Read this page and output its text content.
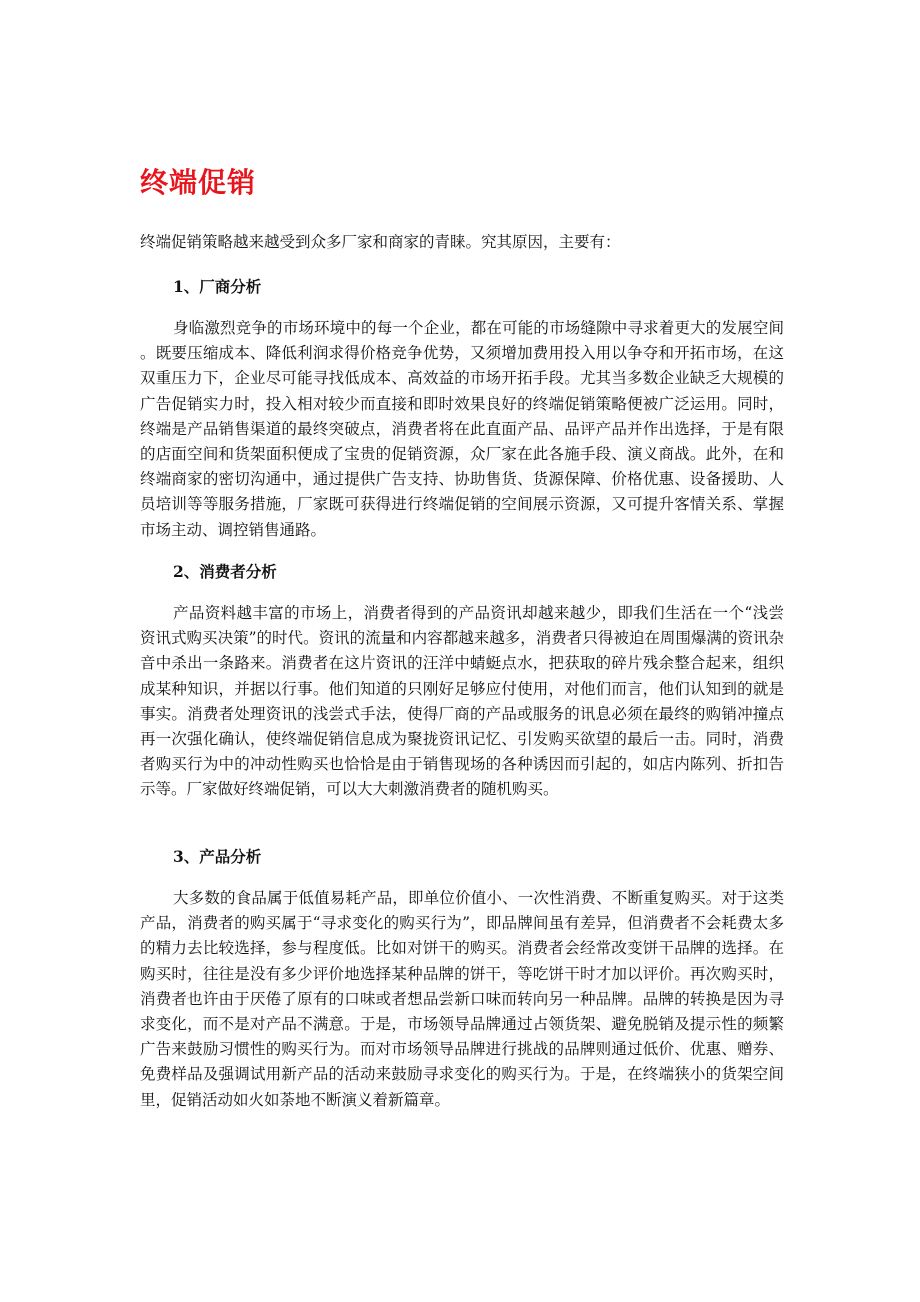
终端促销

终端促销策略越来越受到众多厂家和商家的青睐。究其原因，主要有：

1、厂商分析

身临激烈竞争的市场环境中的每一个企业，都在可能的市场缝隙中寻求着更大的发展空间。既要压缩成本、降低利润求得价格竞争优势，又须增加费用投入用以争夺和开拓市场，在这双重压力下，企业尽可能寻找低成本、高效益的市场开拓手段。尤其当多数企业缺乏大规模的广告促销实力时，投入相对较少而直接和即时效果良好的终端促销策略便被广泛运用。同时，终端是产品销售渠道的最终突破点，消费者将在此直面产品、品评产品并作出选择，于是有限的店面空间和货架面积便成了宝贵的促销资源，众厂家在此各施手段、演义商战。此外，在和终端商家的密切沟通中，通过提供广告支持、协助售货、货源保障、价格优惠、设备援助、人员培训等等服务措施，厂家既可获得进行终端促销的空间展示资源，又可提升客情关系、掌握市场主动、调控销售通路。

2、消费者分析

产品资料越丰富的市场上，消费者得到的产品资讯却越来越少，即我们生活在一个“浅尝资讯式购买决策”的时代。资讯的流量和内容都越来越多，消费者只得被迫在周围爆满的资讯杂音中杀出一条路来。消费者在这片资讯的汪洋中蜻蜓点水，把获取的碎片残余整合起来，组织成某种知识，并据以行事。他们知道的只刚好足够应付使用，对他们而言，他们认知到的就是事实。消费者处理资讯的浅尝式手法，使得厂商的产品或服务的讯息必须在最终的购销冲撞点再一次强化确认，使终端促销信息成为聚拢资讯记忆、引发购买欲望的最后一击。同时，消费者购买行为中的冲动性购买也恰恰是由于销售现场的各种诱因而引起的，如店内陈列、折扣告示等。厂家做好终端促销，可以大大刺激消费者的随机购买。

3、产品分析

大多数的食品属于低值易耗产品，即单位价值小、一次性消费、不断重复购买。对于这类产品，消费者的购买属于“寻求变化的购买行为”，即品牌间虽有差异，但消费者不会耗费太多的精力去比较选择，参与程度低。比如对饼干的购买。消费者会经常改变饼干品牌的选择。在购买时，往往是没有多少评价地选择某种品牌的饼干，等吃饼干时才加以评价。再次购买时，消费者也许由于厌倦了原有的口味或者想品尝新口味而转向另一种品牌。品牌的转换是因为寻求变化，而不是对产品不满意。于是，市场领导品牌通过占领货架、避免脱销及提示性的频繁广告来鼓励习惯性的购买行为。而对市场领导品牌进行挑战的品牌则通过低价、优惠、赠券、免费样品及强调试用新产品的活动来鼓励寻求变化的购买行为。于是，在终端狭小的货架空间里，促销活动如火如荼地不断演义着新篇章。
